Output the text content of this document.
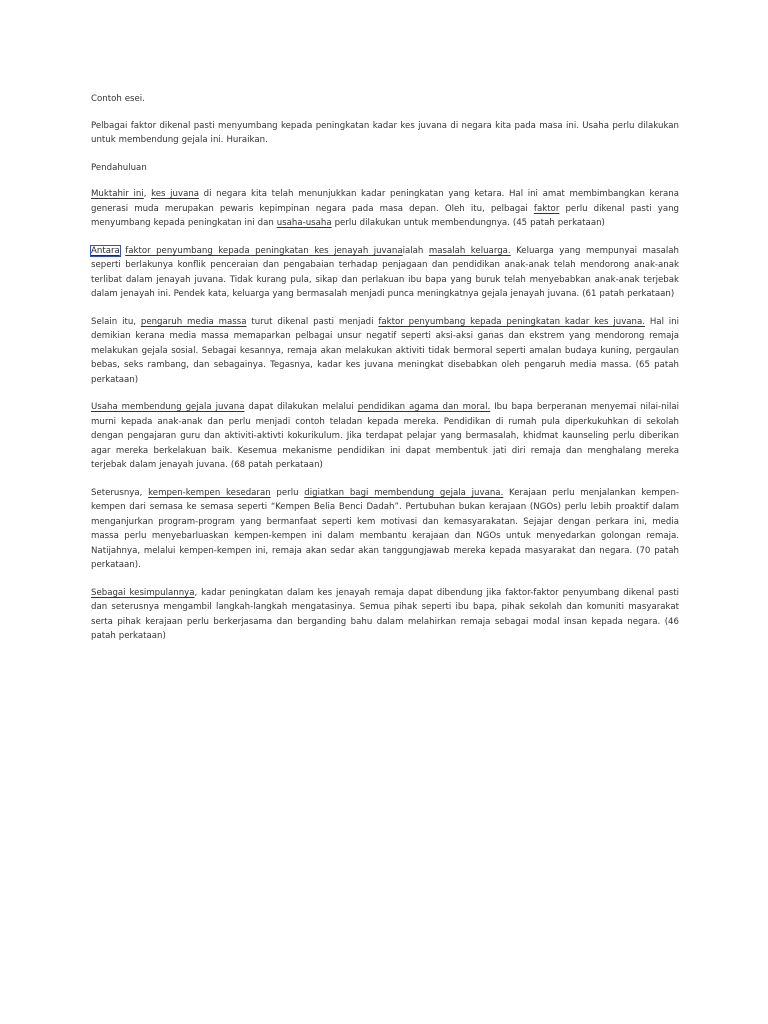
Contoh esei.

Pelbagai faktor dikenal pasti menyumbang kepada peningkatan kadar kes juvana di negara kita pada masa ini. Usaha perlu dilakukan untuk membendung gejala ini. Huraikan.

Pendahuluan

Muktahir ini, kes juvana di negara kita telah menunjukkan kadar peningkatan yang ketara. Hal ini amat membimbangkan kerana generasi muda merupakan pewaris kepimpinan negara pada masa depan. Oleh itu, pelbagai faktor perlu dikenal pasti yang menyumbang kepada peningkatan ini dan usaha-usaha perlu dilakukan untuk membendungnya. (45 patah perkataan)

Antara faktor penyumbang kepada peningkatan kes jenayah juvanaialah masalah keluarga. Keluarga yang mempunyai masalah seperti berlakunya konflik penceraian dan pengabaian terhadap penjagaan dan pendidikan anak-anak telah mendorong anak-anak terlibat dalam jenayah juvana. Tidak kurang pula, sikap dan perlakuan ibu bapa yang buruk telah menyebabkan anak-anak terjebak dalam jenayah ini. Pendek kata, keluarga yang bermasalah menjadi punca meningkatnya gejala jenayah juvana. (61 patah perkataan)

Selain itu, pengaruh media massa turut dikenal pasti menjadi faktor penyumbang kepada peningkatan kadar kes juvana. Hal ini demikian kerana media massa memaparkan pelbagai unsur negatif seperti aksi-aksi ganas dan ekstrem yang mendorong remaja melakukan gejala sosial. Sebagai kesannya, remaja akan melakukan aktiviti tidak bermoral seperti amalan budaya kuning, pergaulan bebas, seks rambang, dan sebagainya. Tegasnya, kadar kes juvana meningkat disebabkan oleh pengaruh media massa. (65 patah perkataan)

Usaha membendung gejala juvana dapat dilakukan melalui pendidikan agama dan moral. Ibu bapa berperanan menyemai nilai-nilai murni kepada anak-anak dan perlu menjadi contoh teladan kepada mereka. Pendidikan di rumah pula diperkukuhkan di sekolah dengan pengajaran guru dan aktiviti-aktivti kokurikulum. Jika terdapat pelajar yang bermasalah, khidmat kaunseling perlu diberikan agar mereka berkelakuan baik. Kesemua mekanisme pendidikan ini dapat membentuk jati diri remaja dan menghalang mereka terjebak dalam jenayah juvana. (68 patah perkataan)

Seterusnya, kempen-kempen kesedaran perlu digiatkan bagi membendung gejala juvana. Kerajaan perlu menjalankan kempen-kempen dari semasa ke semasa seperti “Kempen Belia Benci Dadah”. Pertubuhan bukan kerajaan (NGOs) perlu lebih proaktif dalam menganjurkan program-program yang bermanfaat seperti kem motivasi dan kemasyarakatan. Sejajar dengan perkara ini, media massa perlu menyebarluaskan kempen-kempen ini dalam membantu kerajaan dan NGOs untuk menyedarkan golongan remaja. Natijahnya, melalui kempen-kempen ini, remaja akan sedar akan tanggungjawab mereka kepada masyarakat dan negara. (70 patah perkataan).

Sebagai kesimpulannya, kadar peningkatan dalam kes jenayah remaja dapat dibendung jika faktor-faktor penyumbang dikenal pasti dan seterusnya mengambil langkah-langkah mengatasinya. Semua pihak seperti ibu bapa, pihak sekolah dan komuniti masyarakat serta pihak kerajaan perlu berkerjasama dan berganding bahu dalam melahirkan remaja sebagai modal insan kepada negara. (46 patah perkataan)
